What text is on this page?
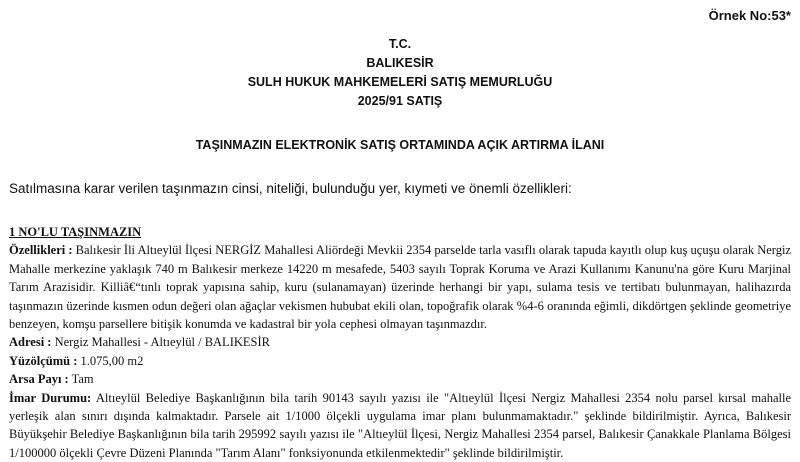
Örnek No:53*
T.C.
BALIKESİR
SULH HUKUK MAHKEMELERİ SATIŞ MEMURLUĞU
2025/91 SATIŞ
TAŞINMAZIN ELEKTRONİK SATIŞ ORTAMINDA AÇIK ARTIRMA İLANI
Satılmasına karar verilen taşınmazın cinsi, niteliği, bulunduğu yer, kıymeti ve önemli özellikleri:

1 NO'LU TAŞINMAZIN

Özellikleri : Balıkesir İli Altıeylül İlçesi NERGİZ Mahallesi Aliördeği Mevkii 2354 parselde tarla vasıflı olarak tapuda kayıtlı olup kuş uçuşu olarak Nergiz Mahalle merkezine yaklaşık 740 m Balıkesir merkeze 14220 m mesafede, 5403 sayılı Toprak Koruma ve Arazi Kullanımı Kanunu'na göre Kuru Marjinal Tarım Arazisidir. Killiâ€“tınlı toprak yapısına sahip, kuru (sulanamayan) üzerinde herhangi bir yapı, sulama tesis ve tertibatı bulunmayan, halihazırda taşınmazın üzerinde kısmen odun değeri olan ağaçlar vekismen hububat ekili olan, topoğrafik olarak %4-6 oranında eğimli, dikdörtgen şeklinde geometriye benzeyen, komşu parsellere bitişik konumda ve kadastral bir yola cephesi olmayan taşınmazdır.

Adresi : Nergiz Mahallesi - Altıeylül / BALIKESİR

Yüzölçümü : 1.075,00 m2

Arsa Payı : Tam

İmar Durumu: Altıeylül Belediye Başkanlığının bila tarih 90143 sayılı yazısı ile "Altıeylül İlçesi Nergiz Mahallesi 2354 nolu parsel kırsal mahalle yerleşik alan sınırı dışında kalmaktadır. Parsele ait 1/1000 ölçekli uygulama imar planı bulunmamaktadır." şeklinde bildirilmiştir. Ayrıca, Balıkesir Büyükşehir Belediye Başkanlığının bila tarih 295992 sayılı yazısı ile "Altıeylül İlçesi, Nergiz Mahallesi 2354 parsel, Balıkesir Çanakkale Planlama Bölgesi 1/100000 ölçekli Çevre Düzeni Planında "Tarım Alanı" fonksiyonunda etkilenmektedir" şeklinde bildirilmiştir.
